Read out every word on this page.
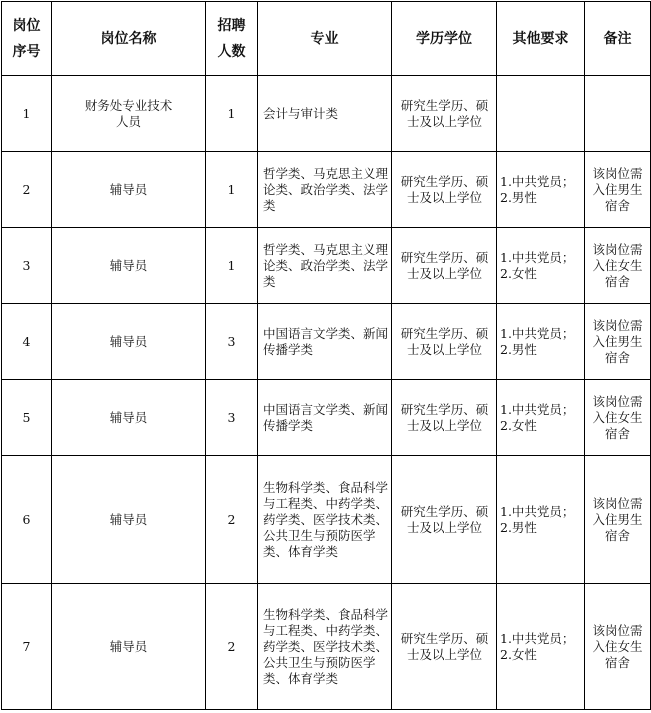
岗位序号	岗位名称	招聘人数	专业	学历学位	其他要求	备注
1	财务处专业技术人员	1	会计与审计类	研究生学历、硕士及以上学位		

2	辅导员	1	哲学类、马克思主义理论类、政治学类、法学类	研究生学历、硕士及以上学位	1.中共党员；2.男性	该岗位需入住男生宿舍

3	辅导员	1	哲学类、马克思主义理论类、政治学类、法学类	研究生学历、硕士及以上学位	1.中共党员；2.女性	该岗位需入住女生宿舍

4	辅导员	3	中国语言文学类、新闻传播学类	研究生学历、硕士及以上学位	1.中共党员；2.男性	该岗位需入住男生宿舍

5	辅导员	3	中国语言文学类、新闻传播学类	研究生学历、硕士及以上学位	1.中共党员；2.女性	该岗位需入住女生宿舍

6	辅导员	2	生物科学类、食品科学与工程类、中药学类、药学类、医学技术类、公共卫生与预防医学类、体育学类	研究生学历、硕士及以上学位	1.中共党员；2.男性	该岗位需入住男生宿舍

7	辅导员	2	生物科学类、食品科学与工程类、中药学类、药学类、医学技术类、公共卫生与预防医学类、体育学类	研究生学历、硕士及以上学位	1.中共党员；2.女性	该岗位需入住女生宿舍
